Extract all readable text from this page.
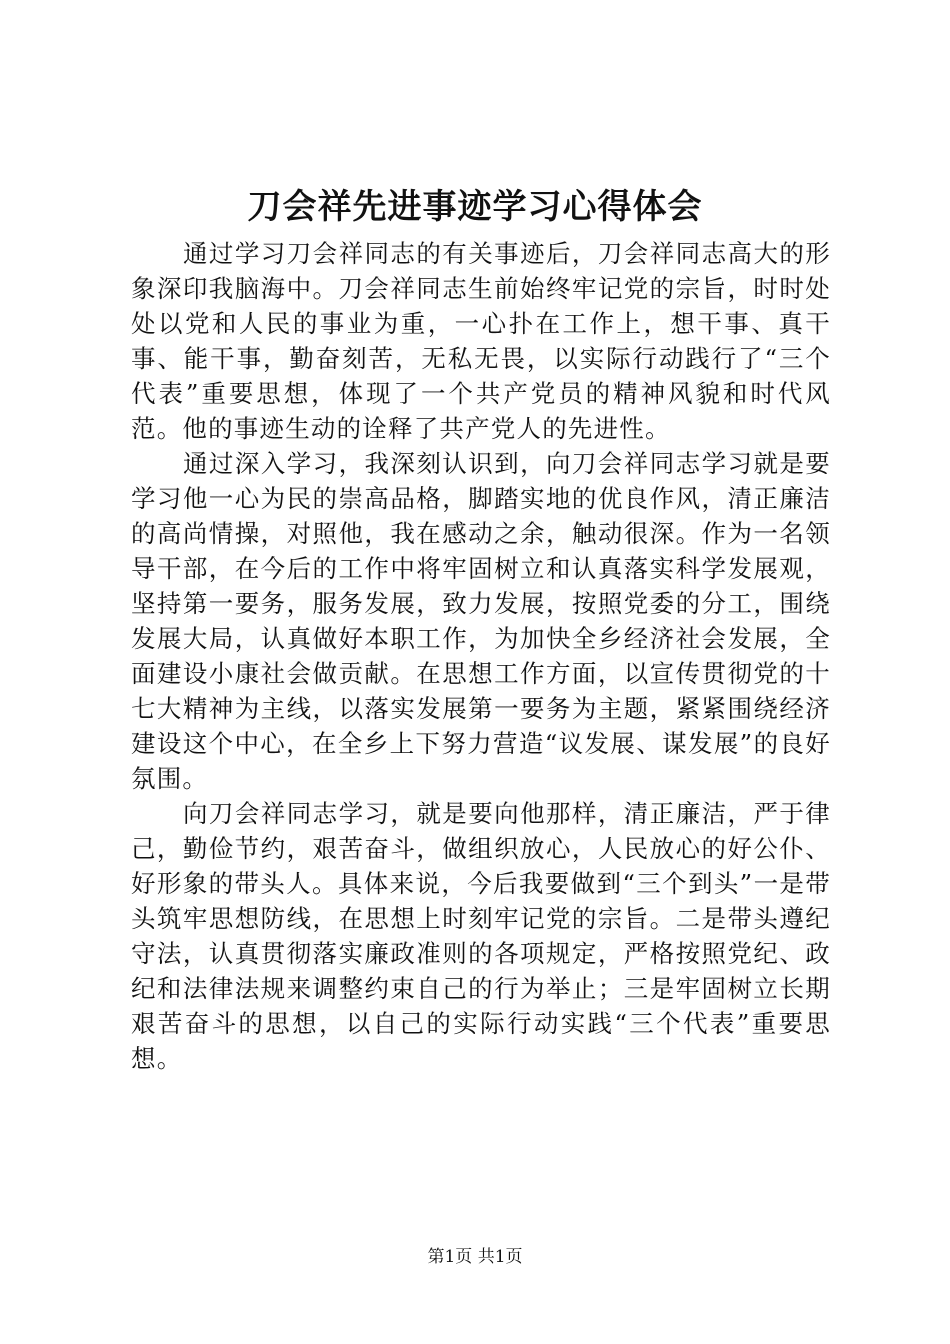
刀会祥先进事迹学习心得体会

通过学习刀会祥同志的有关事迹后，刀会祥同志高大的形象深印我脑海中。刀会祥同志生前始终牢记党的宗旨，时时处处以党和人民的事业为重，一心扑在工作上，想干事、真干事、能干事，勤奋刻苦，无私无畏，以实际行动践行了“三个代表”重要思想，体现了一个共产党员的精神风貌和时代风范。他的事迹生动的诠释了共产党人的先进性。

通过深入学习，我深刻认识到，向刀会祥同志学习就是要学习他一心为民的崇高品格，脚踏实地的优良作风，清正廉洁的高尚情操，对照他，我在感动之余，触动很深。作为一名领导干部，在今后的工作中将牢固树立和认真落实科学发展观，坚持第一要务，服务发展，致力发展，按照党委的分工，围绕发展大局，认真做好本职工作，为加快全乡经济社会发展，全面建设小康社会做贡献。在思想工作方面，以宣传贯彻党的十七大精神为主线，以落实发展第一要务为主题，紧紧围绕经济建设这个中心，在全乡上下努力营造“议发展、谋发展”的良好氛围。

向刀会祥同志学习，就是要向他那样，清正廉洁，严于律己，勤俭节约，艰苦奋斗，做组织放心，人民放心的好公仆、好形象的带头人。具体来说，今后我要做到“三个到头”一是带头筑牢思想防线，在思想上时刻牢记党的宗旨。二是带头遵纪守法，认真贯彻落实廉政准则的各项规定，严格按照党纪、政纪和法律法规来调整约束自己的行为举止；三是牢固树立长期艰苦奋斗的思想，以自己的实际行动实践“三个代表”重要思想。

第1页 共1页
